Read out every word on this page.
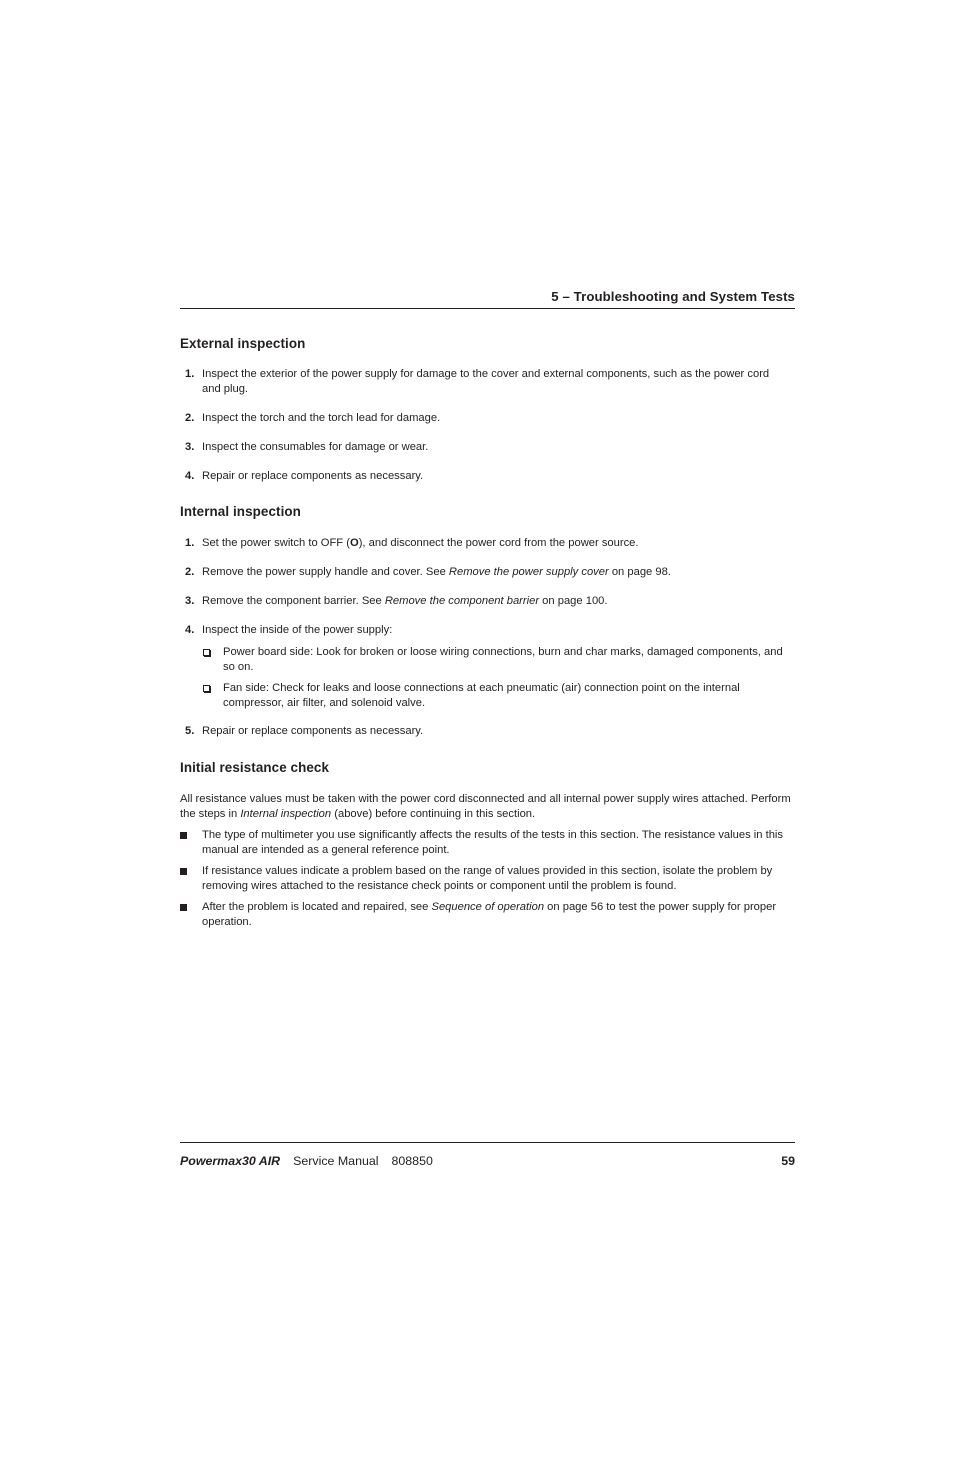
5 – Troubleshooting and System Tests
External inspection
1. Inspect the exterior of the power supply for damage to the cover and external components, such as the power cord and plug.
2. Inspect the torch and the torch lead for damage.
3. Inspect the consumables for damage or wear.
4. Repair or replace components as necessary.
Internal inspection
1. Set the power switch to OFF (O), and disconnect the power cord from the power source.
2. Remove the power supply handle and cover. See Remove the power supply cover on page 98.
3. Remove the component barrier. See Remove the component barrier on page 100.
4. Inspect the inside of the power supply:
Power board side: Look for broken or loose wiring connections, burn and char marks, damaged components, and so on.
Fan side: Check for leaks and loose connections at each pneumatic (air) connection point on the internal compressor, air filter, and solenoid valve.
5. Repair or replace components as necessary.
Initial resistance check
All resistance values must be taken with the power cord disconnected and all internal power supply wires attached. Perform the steps in Internal inspection (above) before continuing in this section.
The type of multimeter you use significantly affects the results of the tests in this section. The resistance values in this manual are intended as a general reference point.
If resistance values indicate a problem based on the range of values provided in this section, isolate the problem by removing wires attached to the resistance check points or component until the problem is found.
After the problem is located and repaired, see Sequence of operation on page 56 to test the power supply for proper operation.
Powermax30 AIR Service Manual 808850	59
